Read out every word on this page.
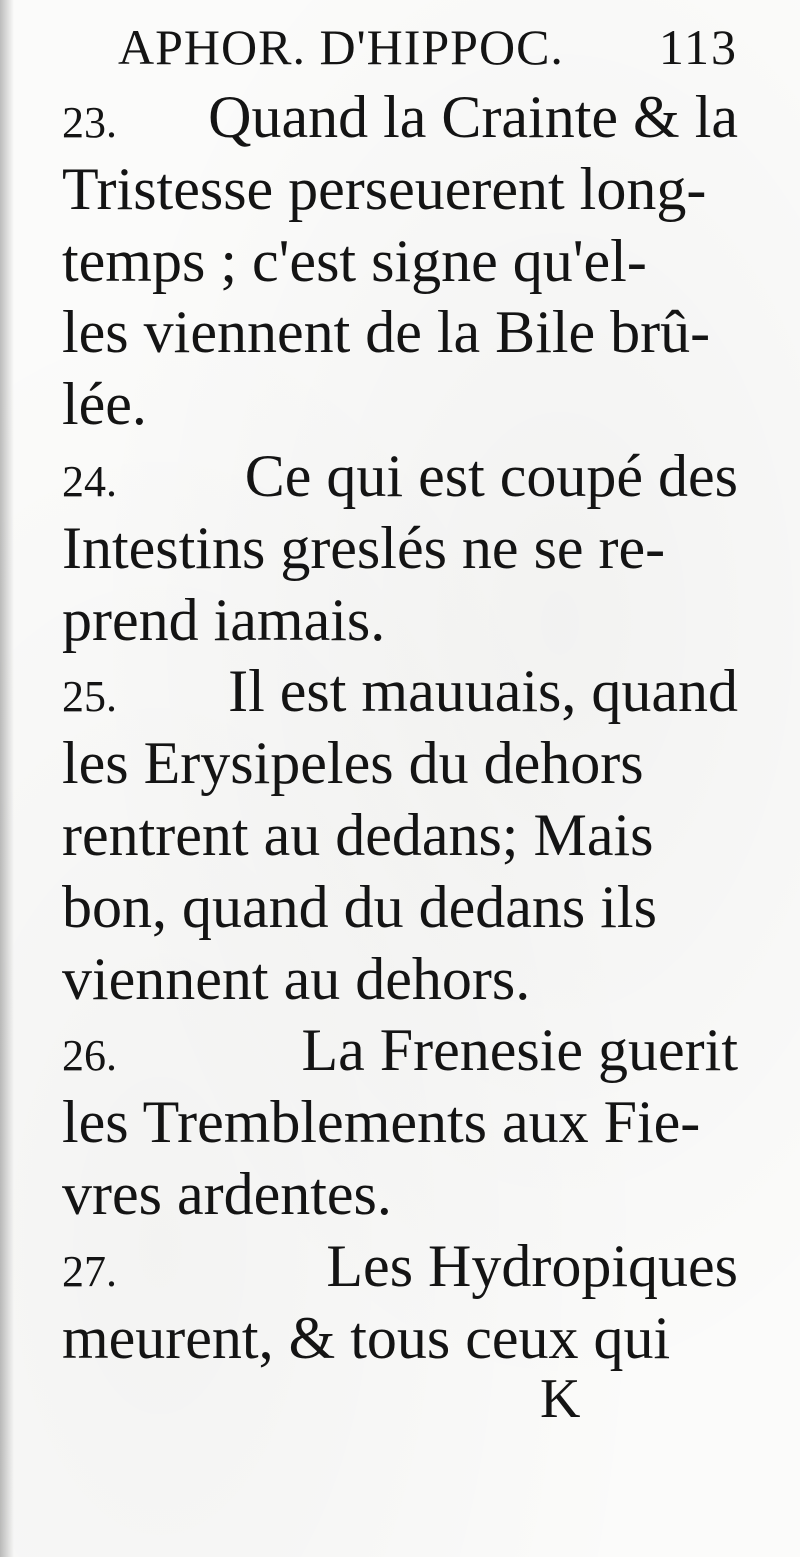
APHOR. D'HIPPOC. 113
23.	Quand la Crainte & la
Tristesse perseuerent long-
temps ; c'est signe qu'el-
les viennent de la Bile brû-
lée.
24.	Ce qui est coupé des
Intestins greslés ne se re-
prend iamais.
25.	Il est mauuais, quand
les Erysipeles du dehors
rentrent au dedans; Mais
bon, quand du dedans ils
viennent au dehors.
26.	La Frenesie guerit
les Tremblements aux Fie-
vres ardentes.
27.	Les Hydropiques
meurent, & tous ceux qui
K
